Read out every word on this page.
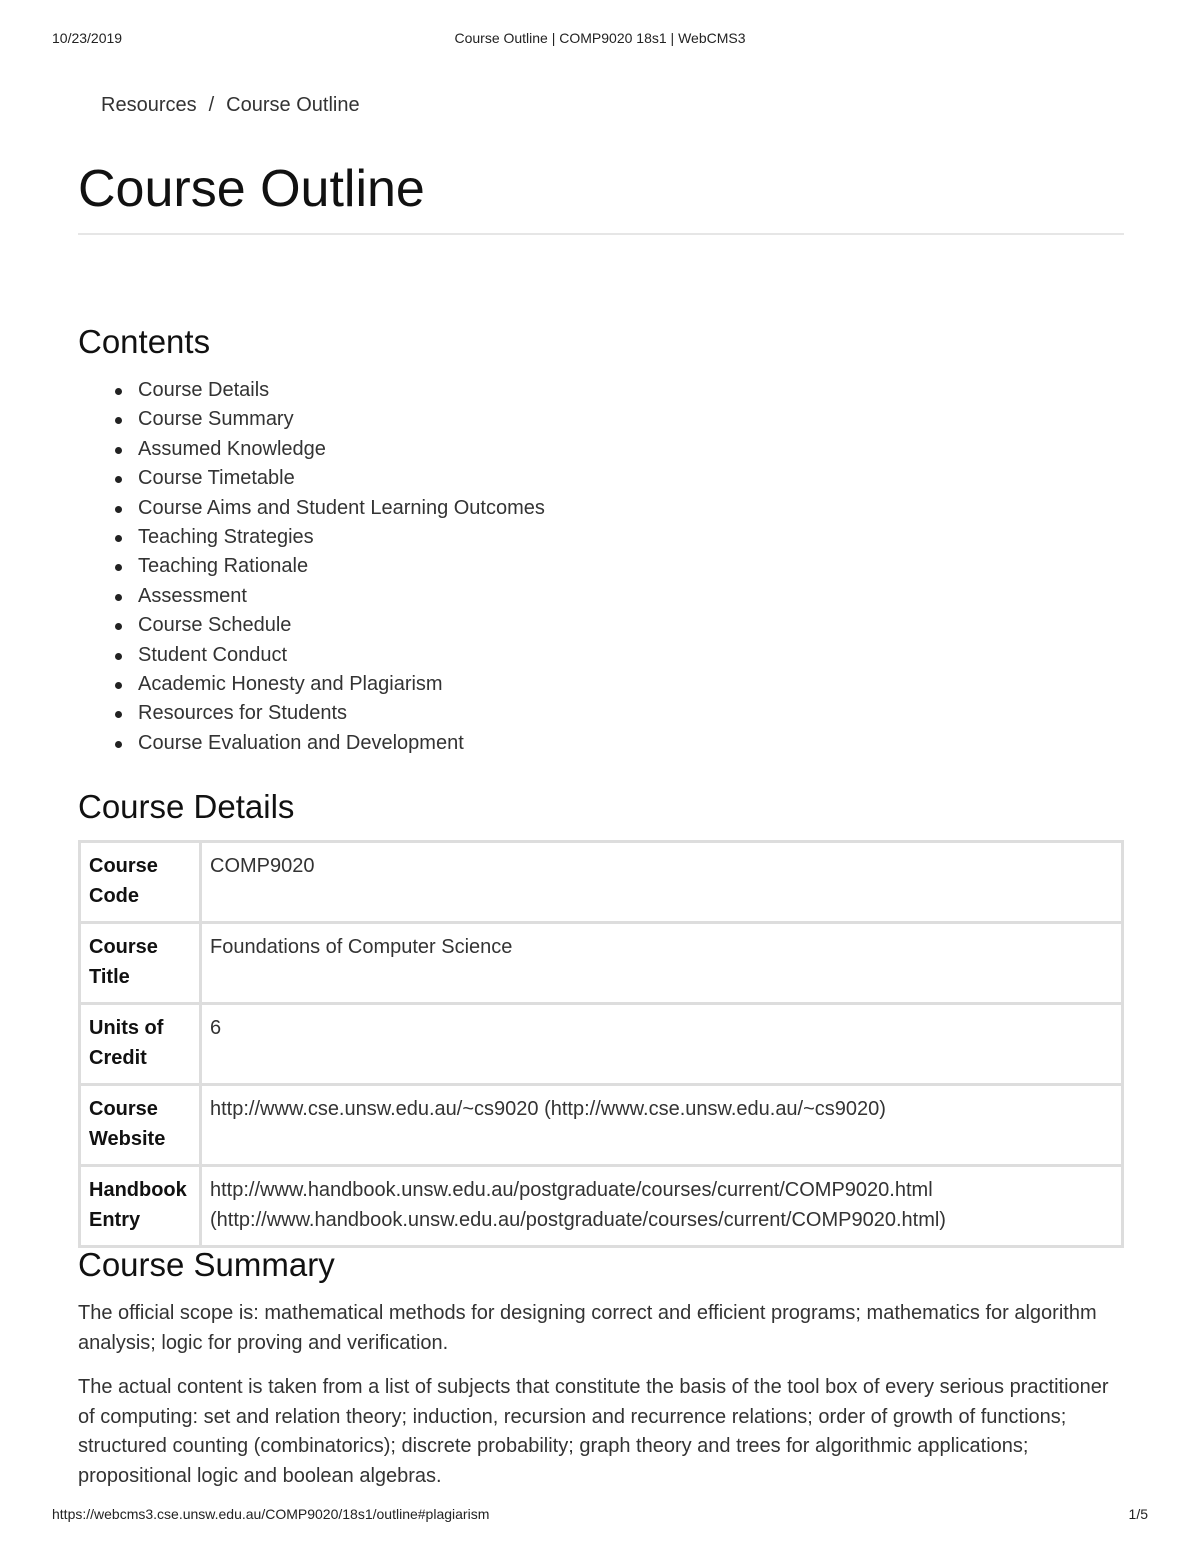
10/23/2019	Course Outline | COMP9020 18s1 | WebCMS3
Resources / Course Outline
Course Outline
Contents
Course Details
Course Summary
Assumed Knowledge
Course Timetable
Course Aims and Student Learning Outcomes
Teaching Strategies
Teaching Rationale
Assessment
Course Schedule
Student Conduct
Academic Honesty and Plagiarism
Resources for Students
Course Evaluation and Development
Course Details
Course Code	COMP9020
Course Title	Foundations of Computer Science
Units of Credit	6
Course Website	http://www.cse.unsw.edu.au/~cs9020 (http://www.cse.unsw.edu.au/~cs9020)
Handbook Entry	http://www.handbook.unsw.edu.au/postgraduate/courses/current/COMP9020.html (http://www.handbook.unsw.edu.au/postgraduate/courses/current/COMP9020.html)
Course Summary

The official scope is: mathematical methods for designing correct and efficient programs; mathematics for algorithm analysis; logic for proving and verification.

The actual content is taken from a list of subjects that constitute the basis of the tool box of every serious practitioner of computing: set and relation theory; induction, recursion and recurrence relations; order of growth of functions; structured counting (combinatorics); discrete probability; graph theory and trees for algorithmic applications; propositional logic and boolean algebras.

https://webcms3.cse.unsw.edu.au/COMP9020/18s1/outline#plagiarism	1/5
